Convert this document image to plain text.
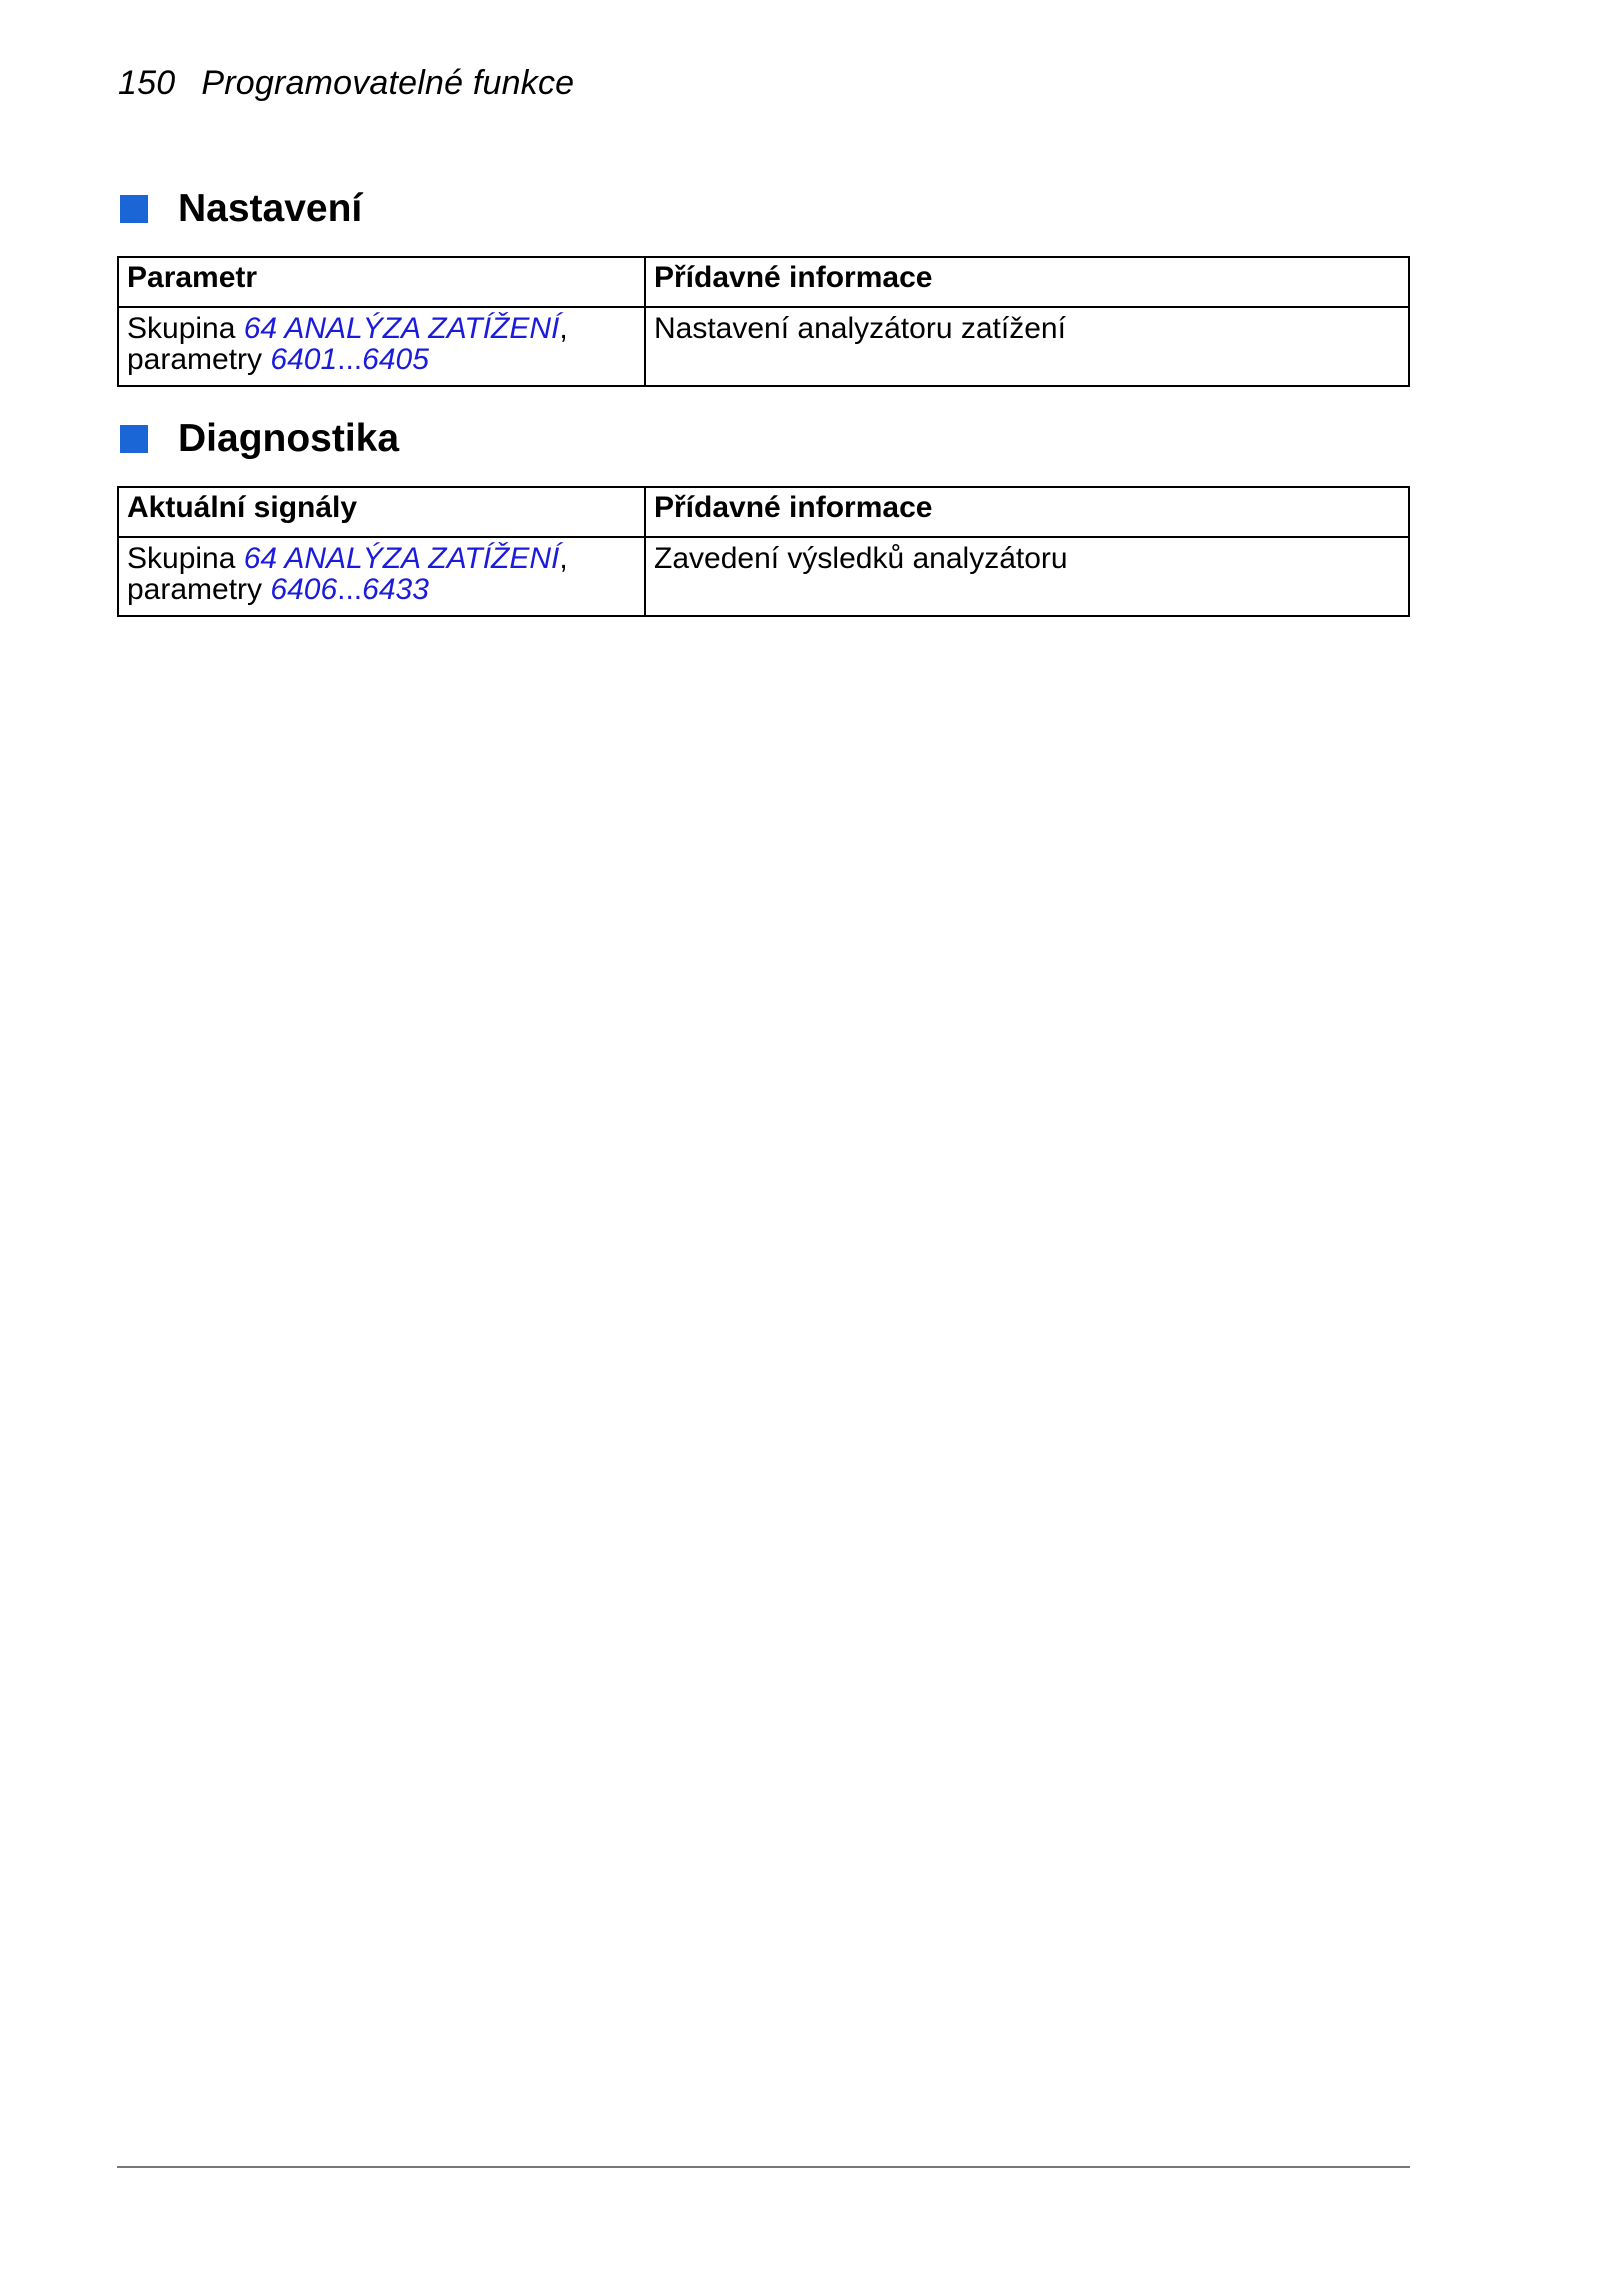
150 Programovatelné funkce
Nastavení
Parametr	Přídavné informace
Skupina 64 ANALÝZA ZATÍŽENÍ,
parametry 6401...6405	Nastavení analyzátoru zatížení
Diagnostika
Aktuální signály	Přídavné informace
Skupina 64 ANALÝZA ZATÍŽENÍ,
parametry 6406...6433	Zavedení výsledků analyzátoru
